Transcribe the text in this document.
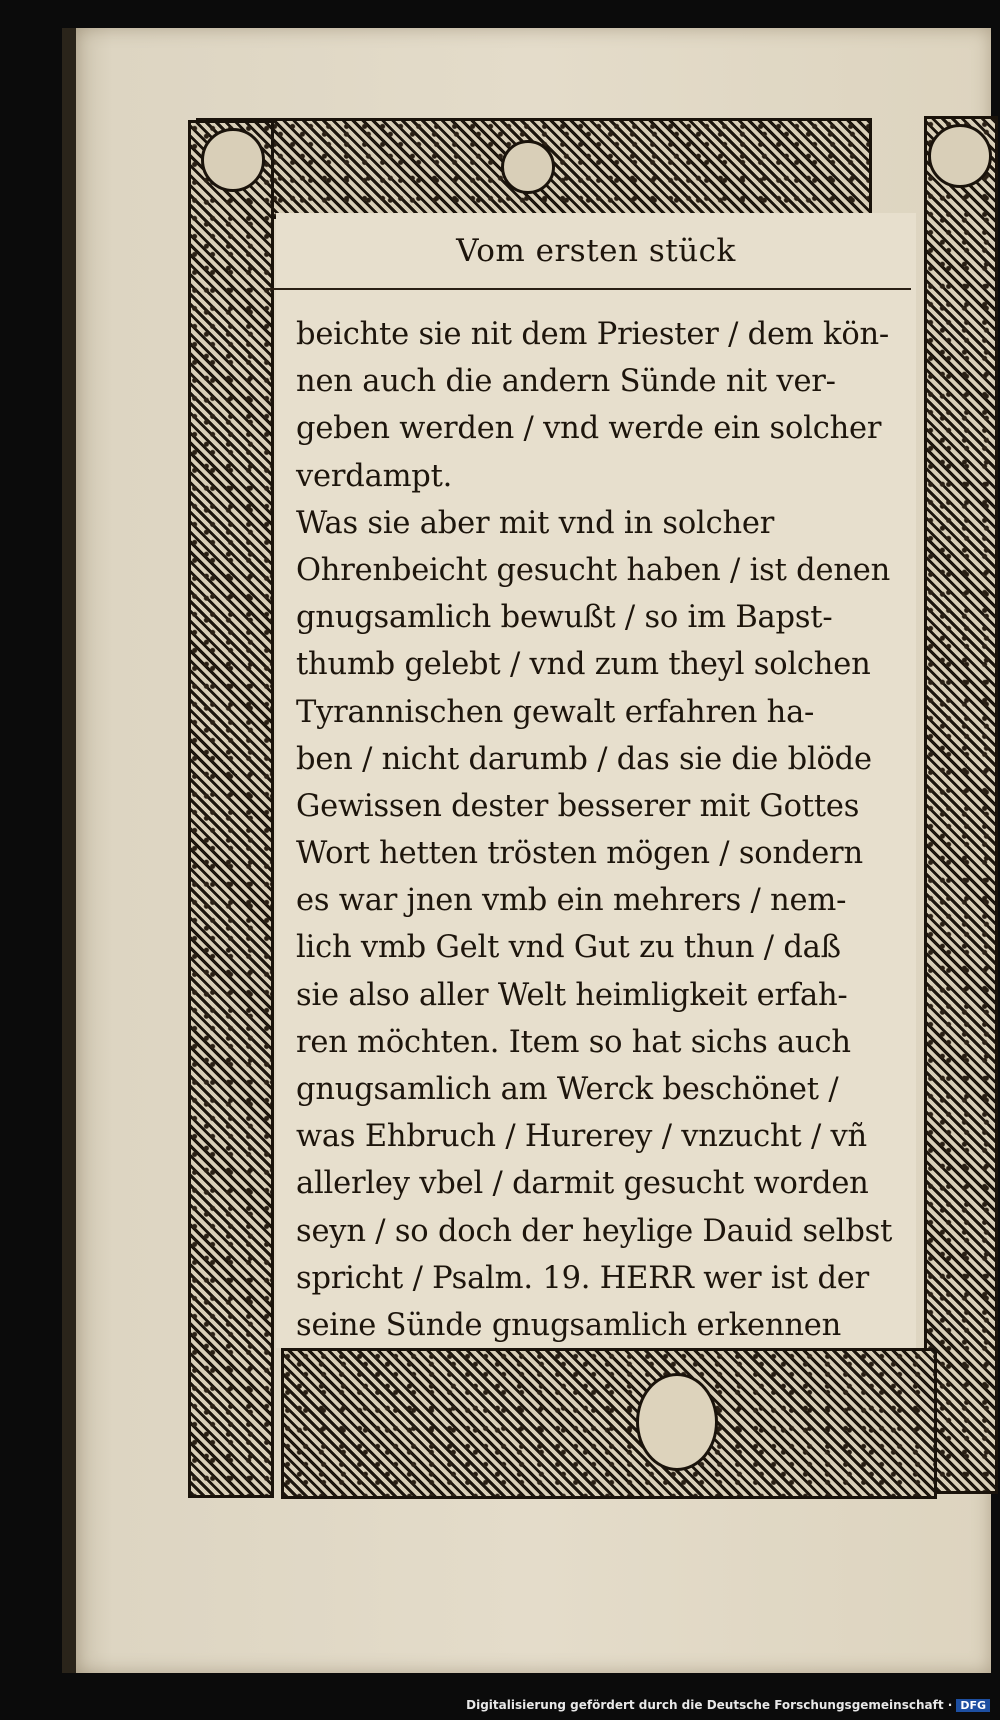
Vom ersten stück
beichte sie nit dem Priester / dem kön-
nen auch die andern Sünde nit ver-
geben werden / vnd werde ein solcher
verdampt.
Was sie aber mit vnd in solcher
Ohrenbeicht gesucht haben / ist denen
gnugsamlich bewußt / so im Bapst-
thumb gelebt / vnd zum theyl solchen
Tyrannischen gewalt erfahren ha-
ben / nicht darumb / das sie die blöde
Gewissen dester besserer mit Gottes
Wort hetten trösten mögen / sondern
es war jnen vmb ein mehrers / nem-
lich vmb Gelt vnd Gut zu thun / daß
sie also aller Welt heimligkeit erfah-
ren möchten. Item so hat sichs auch
gnugsamlich am Werck beschönet /
was Ehbruch / Hurerey / vnzucht / vñ
allerley vbel / darmit gesucht worden
seyn / so doch der heylige Dauid selbst
spricht / Psalm. 19. HERR wer ist der
seine Sünde gnugsamlich erkennen
Digitalisierung gefördert durch die Deutsche Forschungsgemeinschaft · DFG
